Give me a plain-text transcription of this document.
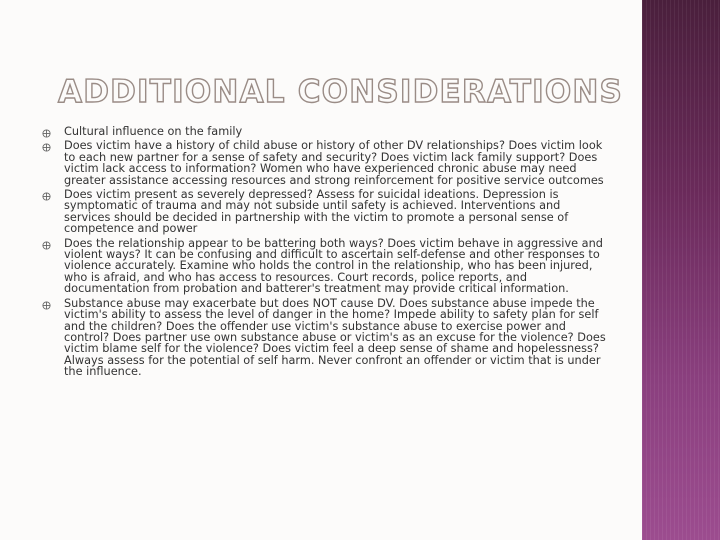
ADDITIONAL CONSIDERATIONS
Cultural influence on the family
Does victim have a history of child abuse or history of other DV relationships? Does victim look to each new partner for a sense of safety and security? Does victim lack family support? Does victim lack access to information? Women who have experienced chronic abuse may need greater assistance accessing resources and strong reinforcement for positive service outcomes
Does victim present as severely depressed? Assess for suicidal ideations. Depression is symptomatic of trauma and may not subside until safety is achieved. Interventions and services should be decided in partnership with the victim to promote a personal sense of competence and power
Does the relationship appear to be battering both ways? Does victim behave in aggressive and violent ways? It can be confusing and difficult to ascertain self-defense and other responses to violence accurately. Examine who holds the control in the relationship, who has been injured, who is afraid, and who has access to resources. Court records, police reports, and documentation from probation and batterer's treatment may provide critical information.
Substance abuse may exacerbate but does NOT cause DV. Does substance abuse impede the victim's ability to assess the level of danger in the home? Impede ability to safety plan for self and the children? Does the offender use victim's substance abuse to exercise power and control? Does partner use own substance abuse or victim's as an excuse for the violence? Does victim blame self for the violence? Does victim feel a deep sense of shame and hopelessness? Always assess for the potential of self harm. Never confront an offender or victim that is under the influence.
